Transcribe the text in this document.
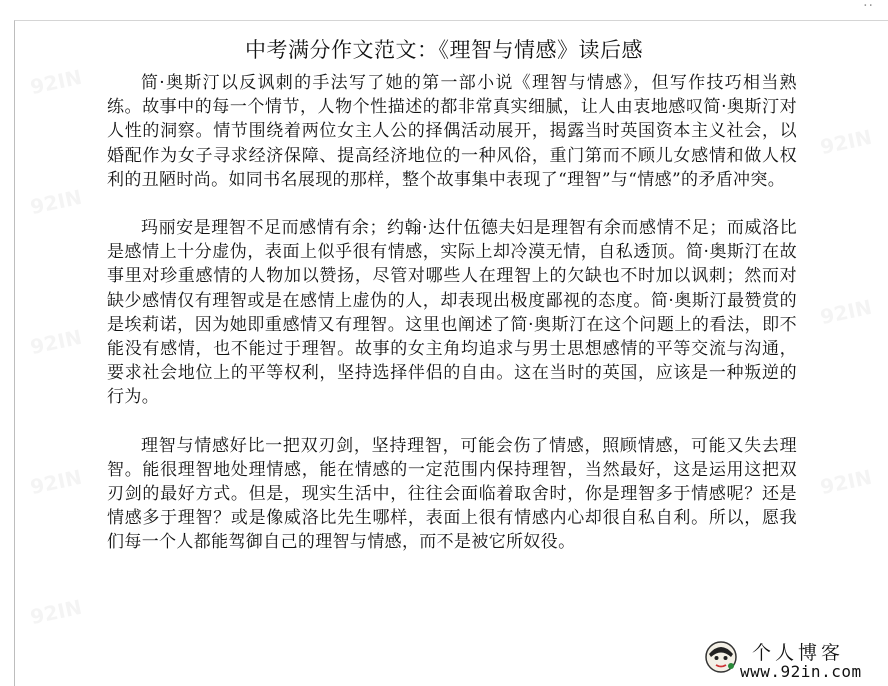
··
中考满分作文范文：《理智与情感》读后感

简·奥斯汀以反讽刺的手法写了她的第一部小说《理智与情感》，但写作技巧相当熟练。故事中的每一个情节，人物个性描述的都非常真实细腻，让人由衷地感叹简·奥斯汀对人性的洞察。情节围绕着两位女主人公的择偶活动展开，揭露当时英国资本主义社会，以婚配作为女子寻求经济保障、提高经济地位的一种风俗，重门第而不顾儿女感情和做人权利的丑陋时尚。如同书名展现的那样，整个故事集中表现了“理智”与“情感”的矛盾冲突。

玛丽安是理智不足而感情有余；约翰·达什伍德夫妇是理智有余而感情不足；而威洛比是感情上十分虚伪，表面上似乎很有情感，实际上却冷漠无情，自私透顶。简·奥斯汀在故事里对珍重感情的人物加以赞扬，尽管对哪些人在理智上的欠缺也不时加以讽刺；然而对缺少感情仅有理智或是在感情上虚伪的人，却表现出极度鄙视的态度。简·奥斯汀最赞赏的是埃莉诺，因为她即重感情又有理智。这里也阐述了简·奥斯汀在这个问题上的看法，即不能没有感情，也不能过于理智。故事的女主角均追求与男士思想感情的平等交流与沟通，要求社会地位上的平等权利，坚持选择伴侣的自由。这在当时的英国，应该是一种叛逆的行为。

理智与情感好比一把双刃剑，坚持理智，可能会伤了情感，照顾情感，可能又失去理智。能很理智地处理情感，能在情感的一定范围内保持理智，当然最好，这是运用这把双刃剑的最好方式。但是，现实生活中，往往会面临着取舍时，你是理智多于情感呢？还是情感多于理智？或是像威洛比先生哪样，表面上很有情感内心却很自私自利。所以，愿我们每一个人都能驾御自己的理智与情感，而不是被它所奴役。

个人博客
www.92in.com
